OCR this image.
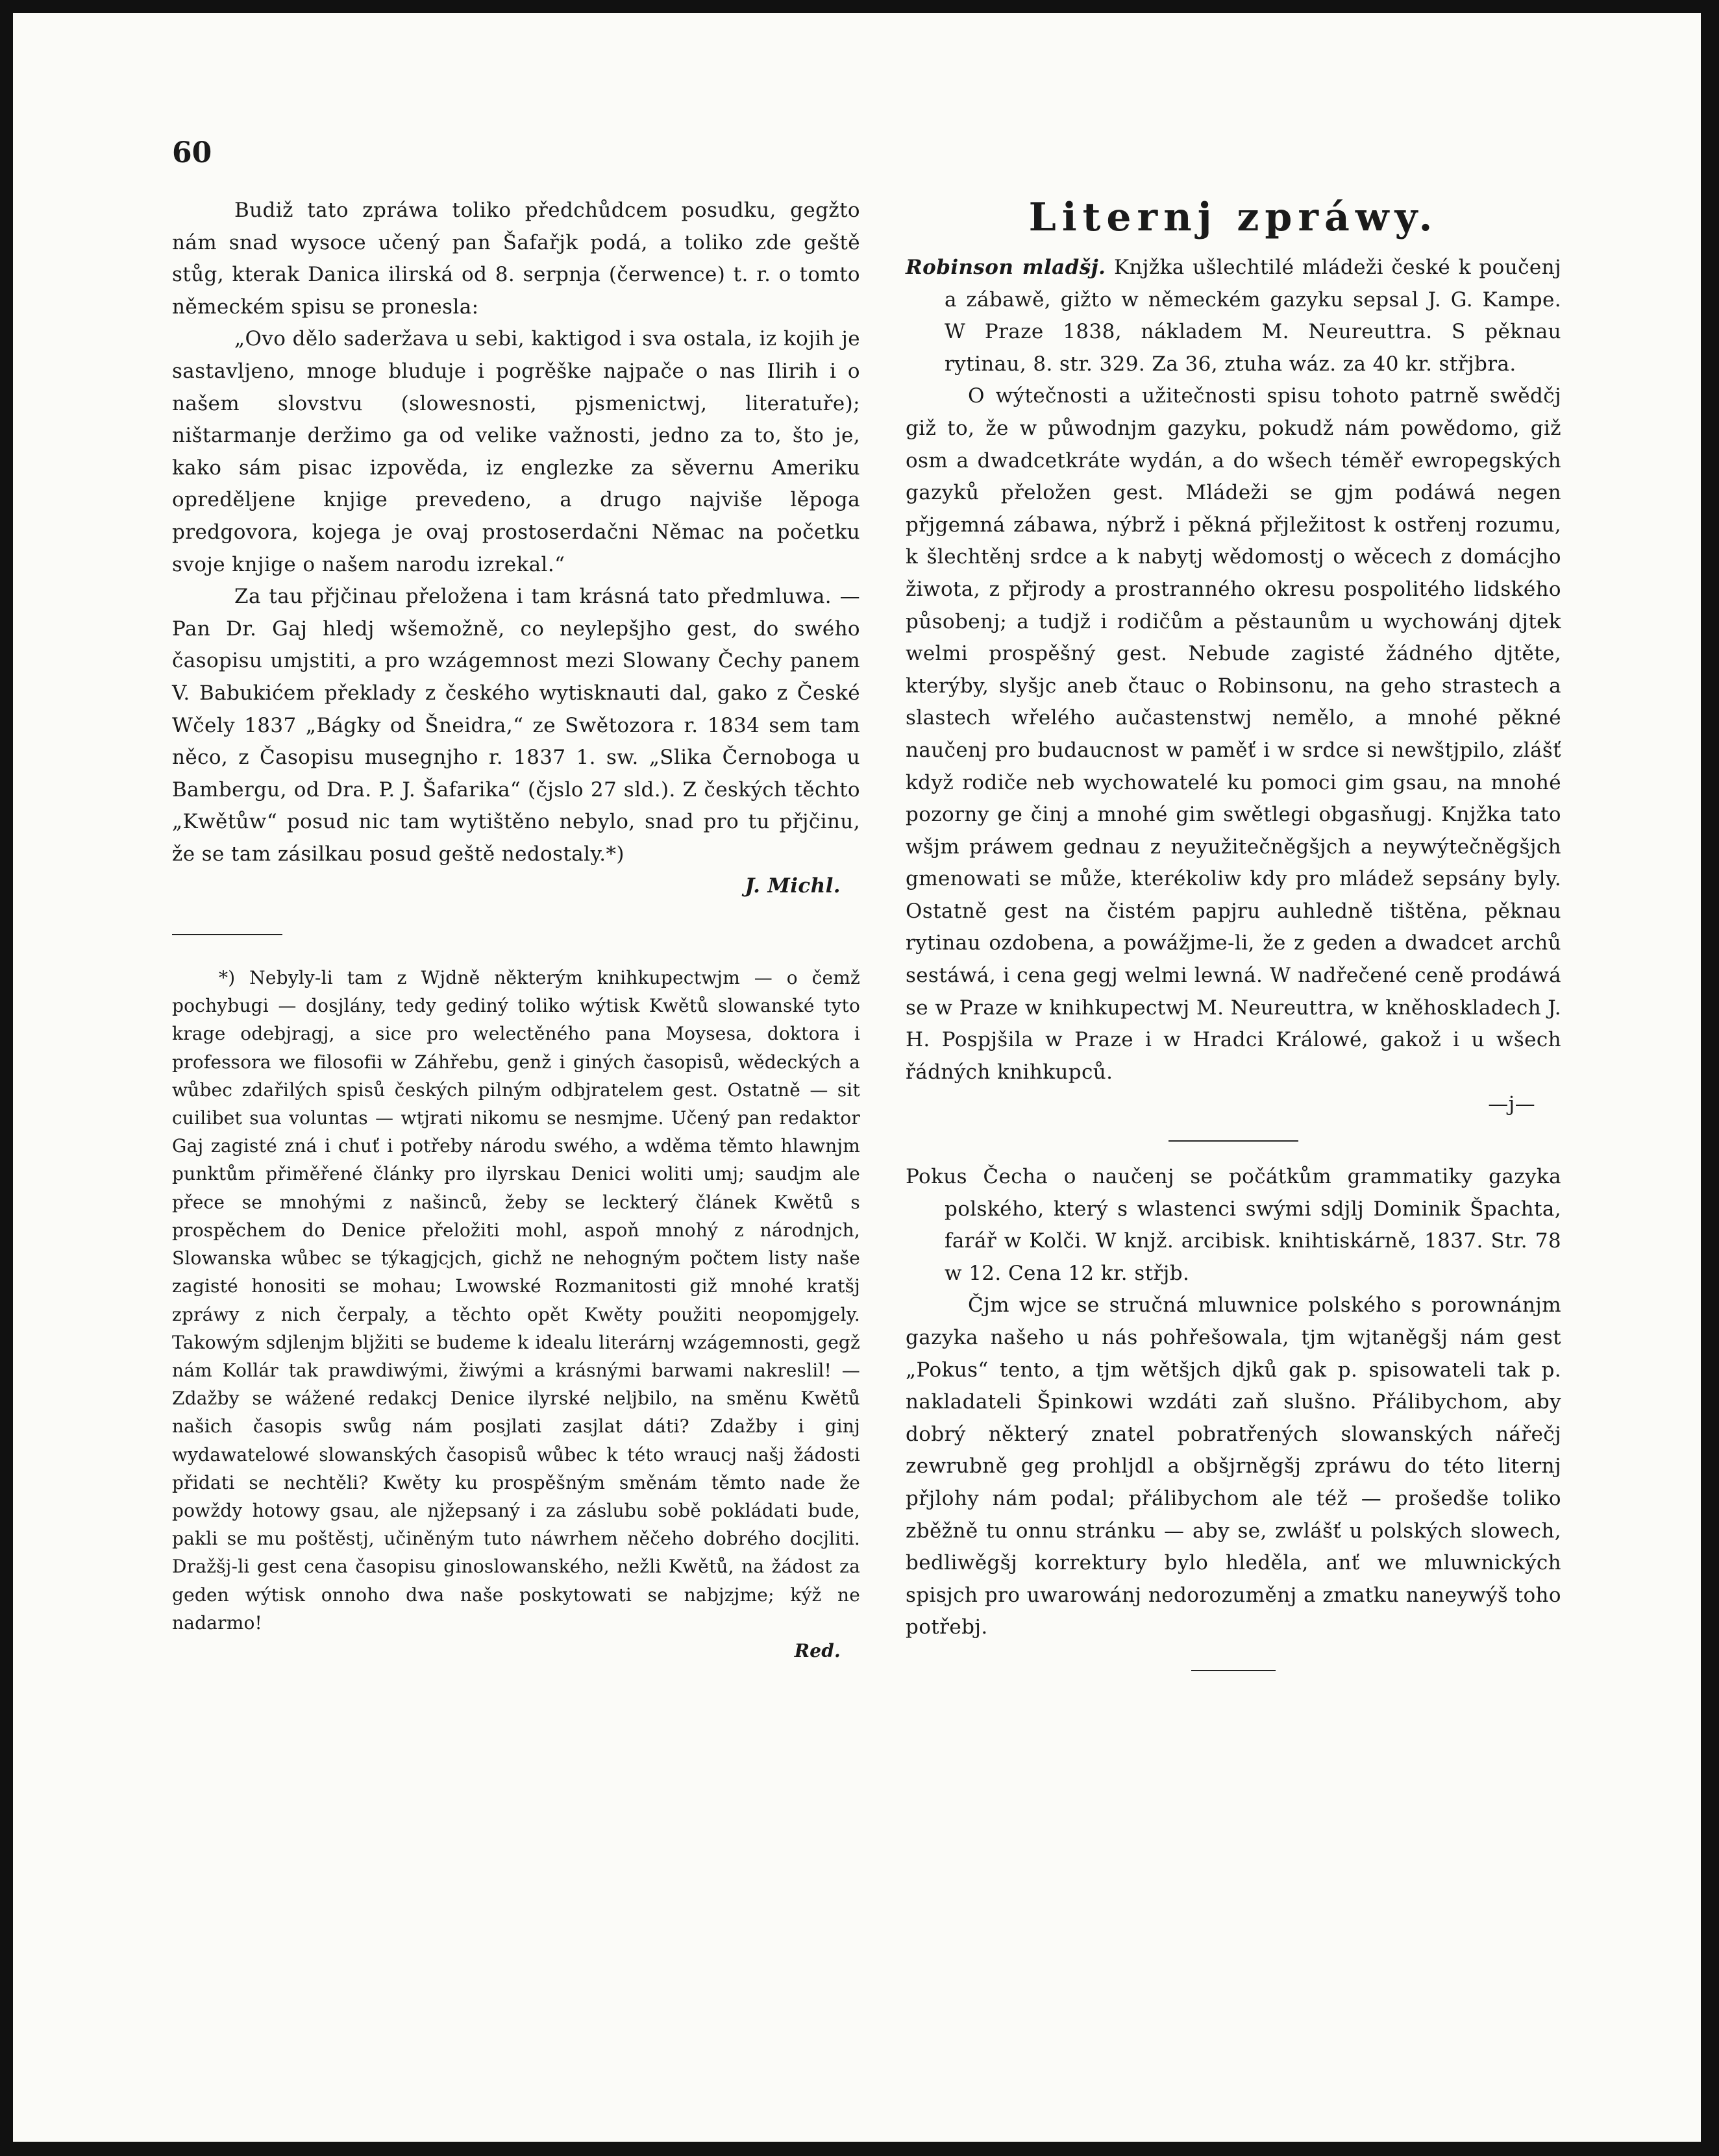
60

Budiž tato zpráwa toliko předchůdcem posudku, gegžto nám snad wysoce učený pan Šafařjk podá, a toliko zde geště stůg, kterak Danica ilirská od 8. serpnja (čerwence) t. r. o tomto německém spisu se pronesla:

„Ovo dělo saderžava u sebi, kaktigod i sva ostala, iz kojih je sastavljeno, mnoge bluduje i pogrěške najpače o nas Ilirih i o našem slovstvu (slowesnosti, pjsmenictwj, literatuře); ništarmanje deržimo ga od velike važnosti, jedno za to, što je, kako sám pisac izpověda, iz englezke za sěvernu Ameriku opreděljene knjige prevedeno, a drugo najviše lěpoga predgovora, kojega je ovaj prostoserdačni Němac na početku svoje knjige o našem narodu izrekal.“

Za tau přjčinau přeložena i tam krásná tato předmluwa. — Pan Dr. Gaj hledj wšemožně, co neylepšjho gest, do swého časopisu umjstiti, a pro wzágemnost mezi Slowany Čechy panem V. Babukićem překlady z českého wytisknauti dal, gako z České Wčely 1837 „Bágky od Šneidra,“ ze Swětozora r. 1834 sem tam něco, z Časopisu musegnjho r. 1837 1. sw. „Slika Černoboga u Bambergu, od Dra. P. J. Šafarika“ (čjslo 27 sld.). Z českých těchto „Kwětůw“ posud nic tam wytištěno nebylo, snad pro tu přjčinu, že se tam zásilkau posud geště nedostaly.*)

J. Michl.

*) Nebyly-li tam z Wjdně některým knihkupectwjm — o čemž pochybugi — dosjlány, tedy gediný toliko wýtisk Kwětů slowanské tyto krage odebjragj, a sice pro welectěného pana Moysesa, doktora i professora we filosofii w Záhřebu, genž i giných časopisů, wědeckých a wůbec zdařilých spisů českých pilným odbjratelem gest. Ostatně — sit cuilibet sua voluntas — wtjrati nikomu se nesmjme. Učený pan redaktor Gaj zagisté zná i chuť i potřeby národu swého, a wděma těmto hlawnjm punktům přiměřené články pro ilyrskau Denici woliti umj; saudjm ale přece se mnohými z našinců, žeby se leckterý článek Kwětů s prospěchem do Denice přeložiti mohl, aspoň mnohý z národnjch, Slowanska wůbec se týkagjcjch, gichž ne nehogným počtem listy naše zagisté honositi se mohau; Lwowské Rozmanitosti giž mnohé kratšj zpráwy z nich čerpaly, a těchto opět Kwěty použiti neopomjgely. Takowým sdjlenjm bljžiti se budeme k idealu literárnj wzágemnosti, gegž nám Kollár tak prawdiwými, žiwými a krásnými barwami nakreslil! — Zdažby se wážené redakcj Denice ilyrské neljbilo, na směnu Kwětů našich časopis swůg nám posjlati zasjlat dáti? Zdažby i ginj wydawatelowé slowanských časopisů wůbec k této wraucj našj žádosti přidati se nechtěli? Kwěty ku prospěšným směnám těmto nade že powždy hotowy gsau, ale njžepsaný i za záslubu sobě pokládati bude, pakli se mu poštěstj, učiněným tuto náwrhem něčeho dobrého docjliti. Dražšj-li gest cena časopisu ginoslowanského, nežli Kwětů, na žádost za geden wýtisk onnoho dwa naše poskytowati se nabjzjme; kýž ne nadarmo!

Red.

Liternj zpráwy.

Robinson mladšj. Knjžka ušlechtilé mládeži české k poučenj a zábawě, gižto w německém gazyku sepsal J. G. Kampe. W Praze 1838, nákladem M. Neureuttra. S pěknau rytinau, 8. str. 329. Za 36, ztuha wáz. za 40 kr. střjbra.

O wýtečnosti a užitečnosti spisu tohoto patrně swědčj giž to, že w půwodnjm gazyku, pokudž nám powědomo, giž osm a dwadcetkráte wydán, a do wšech téměř ewropegských gazyků přeložen gest. Mládeži se gjm podáwá negen přjgemná zábawa, nýbrž i pěkná přjležitost k ostřenj rozumu, k šlechtěnj srdce a k nabytj wědomostj o wěcech z domácjho žiwota, z přjrody a prostranného okresu pospolitého lidského působenj; a tudjž i rodičům a pěstaunům u wychowánj djtek welmi prospěšný gest. Nebude zagisté žádného djtěte, kterýby, slyšjc aneb čtauc o Robinsonu, na geho strastech a slastech wřelého aučastenstwj nemělo, a mnohé pěkné naučenj pro budaucnost w paměť i w srdce si newštjpilo, zlášť když rodiče neb wychowatelé ku pomoci gim gsau, na mnohé pozorny ge činj a mnohé gim swětlegi obgasňugj. Knjžka tato wšjm práwem gednau z neyužitečněgšjch a neywýtečněgšjch gmenowati se může, kterékoliw kdy pro mládež sepsány byly. Ostatně gest na čistém papjru auhledně tištěna, pěknau rytinau ozdobena, a powážjme-li, že z geden a dwadcet archů sestáwá, i cena gegj welmi lewná. W nadřečené ceně prodáwá se w Praze w knihkupectwj M. Neureuttra, w kněhoskladech J. H. Pospjšila w Praze i w Hradci Králowé, gakož i u wšech řádných knihkupců.

—j—

Pokus Čecha o naučenj se počátkům grammatiky gazyka polského, který s wlastenci swými sdjlj Dominik Špachta, farář w Kolči. W knjž. arcibisk. knihtiskárně, 1837. Str. 78 w 12. Cena 12 kr. střjb.

Čjm wjce se stručná mluwnice polského s porownánjm gazyka našeho u nás pohřešowala, tjm wjtaněgšj nám gest „Pokus“ tento, a tjm wětšjch djků gak p. spisowateli tak p. nakladateli Špinkowi wzdáti zaň slušno. Přálibychom, aby dobrý některý znatel pobratřených slowanských nářečj zewrubně geg prohljdl a obšjrněgšj zpráwu do této liternj přjlohy nám podal; přálibychom ale též — prošedše toliko zběžně tu onnu stránku — aby se, zwlášť u polských slowech, bedliwěgšj korrektury bylo hleděla, anť we mluwnických spisjch pro uwarowánj nedorozuměnj a zmatku naneywýš toho potřebj.
